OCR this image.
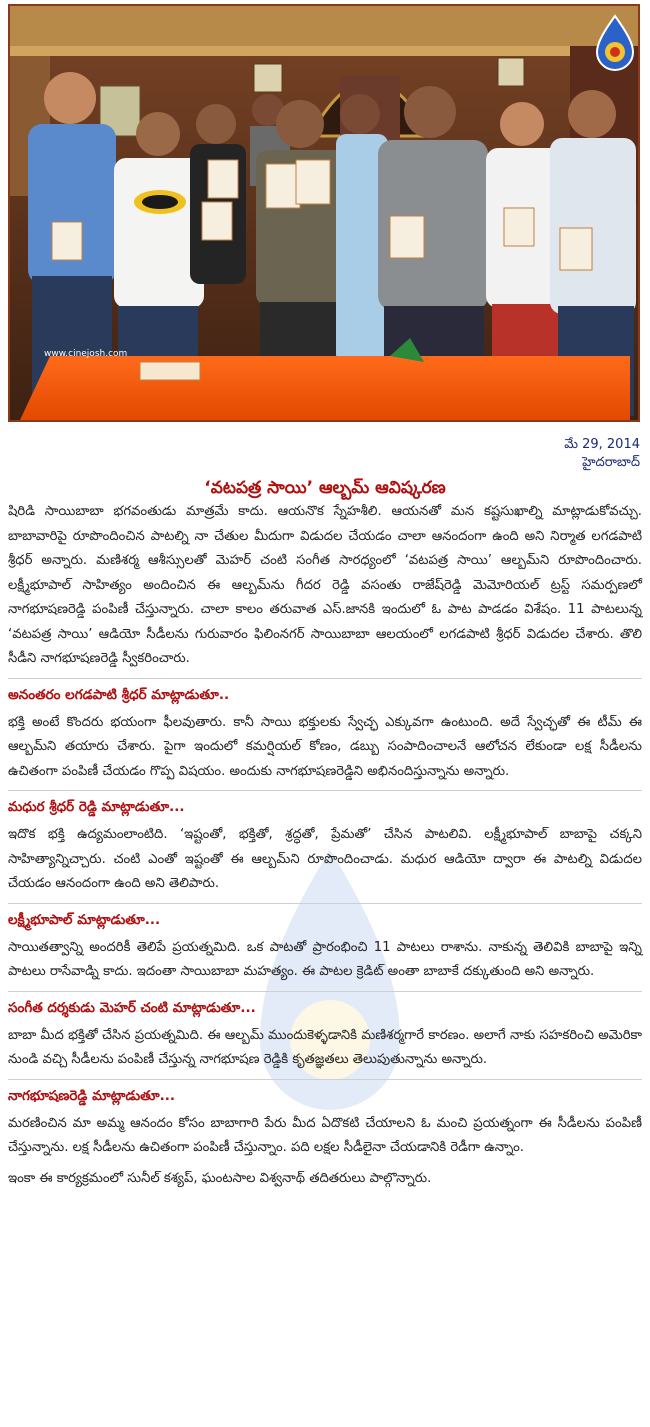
www.cinejosh.com
మే 29, 2014
హైదరాబాద్
‘వటపత్ర సాయి’ ఆల్బమ్ ఆవిష్కరణ

షిరిడి సాయిబాబా భగవంతుడు మాత్రమే కాదు. ఆయనొక స్నేహశీలి. ఆయనతో మన కష్టసుఖాల్ని మాట్లాడుకోవచ్చు. బాబావారిపై రూపొందించిన పాటల్ని నా చేతుల మీదుగా విడుదల చేయడం చాలా ఆనందంగా ఉంది అని నిర్మాత లగడపాటి శ్రీధర్ అన్నారు. మణిశర్మ ఆశీస్సులతో మెహర్ చంటి సంగీత సారధ్యంలో ‘వటపత్ర సాయి’ ఆల్బమ్‌ని రూపొందించారు. లక్ష్మీభూపాల్ సాహిత్యం అందించిన ఈ ఆల్బమ్‌ను గీదర రెడ్డి వసంతు రాజేష్‌రెడ్డి మెమోరియల్ ట్రస్ట్ సమర్పణలో నాగభూషణరెడ్డి పంపిణీ చేస్తున్నారు. చాలా కాలం తరువాత ఎస్.జానకి ఇందులో ఓ పాట పాడడం విశేషం. 11 పాటలున్న ‘వటపత్ర సాయి’ ఆడియో సీడీలను గురువారం ఫిలింనగర్ సాయిబాబా ఆలయంలో లగడపాటి శ్రీధర్ విడుదల చేశారు. తొలి సీడీని నాగభూషణరెడ్డి స్వీకరించారు.

అనంతరం లగడపాటి శ్రీధర్ మాట్లాడుతూ..

భక్తి అంటే కొందరు భయంగా ఫీలవుతారు. కానీ సాయి భక్తులకు స్వేచ్ఛ ఎక్కువగా ఉంటుంది. అదే స్వేచ్ఛతో ఈ టీమ్ ఈ ఆల్బమ్‌ని తయారు చేశారు. పైగా ఇందులో కమర్షియల్ కోణం, డబ్బు సంపాదించాలనే ఆలోచన లేకుండా లక్ష సీడీలను ఉచితంగా పంపిణీ చేయడం గొప్ప విషయం. అందుకు నాగభూషణరెడ్డిని అభినందిస్తున్నాను అన్నారు.

మధుర శ్రీధర్ రెడ్డి మాట్లాడుతూ...

ఇదొక భక్తి ఉద్యమంలాంటిది. ‘ఇష్టంతో, భక్తితో, శ్రద్ధతో, ప్రేమతో’ చేసిన పాటలివి. లక్ష్మీభూపాల్ బాబాపై చక్కని సాహిత్యాన్నిచ్చారు. చంటి ఎంతో ఇష్టంతో ఈ ఆల్బమ్‌ని రూపొందించాడు. మధుర ఆడియో ద్వారా ఈ పాటల్ని విడుదల చేయడం ఆనందంగా ఉంది అని తెలిపారు.

లక్ష్మీభూపాల్ మాట్లాడుతూ...

సాయితత్వాన్ని అందరికీ తెలిపే ప్రయత్నమిది. ఒక పాటతో ప్రారంభించి 11 పాటలు రాశాను. నాకున్న తెలివికి బాబాపై ఇన్ని పాటలు రాసేవాడ్ని కాదు. ఇదంతా సాయిబాబా మహత్యం. ఈ పాటల క్రెడిట్ అంతా బాబాకే దక్కుతుంది అని అన్నారు.

సంగీత దర్శకుడు మెహర్ చంటి మాట్లాడుతూ...

బాబా మీద భక్తితో చేసిన ప్రయత్నమిది. ఈ ఆల్బమ్ ముందుకెళ్ళడానికి మణిశర్మగారే కారణం. అలాగే నాకు సహకరించి అమెరికా నుండి వచ్చి సీడీలను పంపిణీ చేస్తున్న నాగభూషణ రెడ్డికి కృతజ్ఞతలు తెలుపుతున్నాను అన్నారు.

నాగభూషణరెడ్డి మాట్లాడుతూ...

మరణించిన మా అమ్మ ఆనందం కోసం బాబాగారి పేరు మీద ఏదొకటి చేయాలని ఓ మంచి ప్రయత్నంగా ఈ సీడీలను పంపిణీ చేస్తున్నాను. లక్ష సీడీలను ఉచితంగా పంపిణీ చేస్తున్నాం. పది లక్షల సీడీలైనా చేయడానికి రెడీగా ఉన్నాం.

ఇంకా ఈ కార్యక్రమంలో సునీల్ కశ్యప్, ఘంటసాల విశ్వనాథ్ తదితరులు పాల్గొన్నారు.
